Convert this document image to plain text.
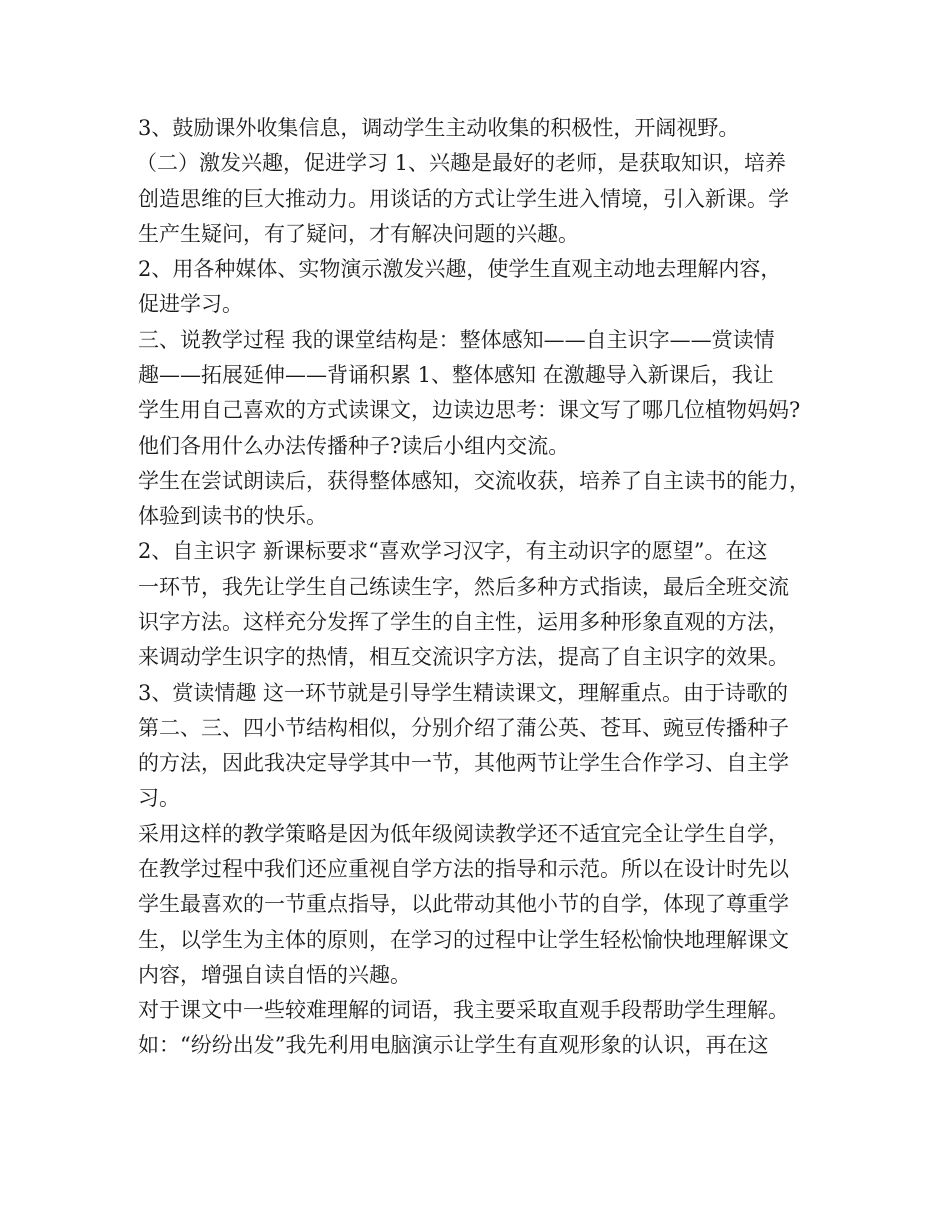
3、鼓励课外收集信息，调动学生主动收集的积极性，开阔视野。
（二）激发兴趣，促进学习 1、兴趣是最好的老师，是获取知识，培养
创造思维的巨大推动力。用谈话的方式让学生进入情境，引入新课。学
生产生疑问，有了疑问，才有解决问题的兴趣。
2、用各种媒体、实物演示激发兴趣，使学生直观主动地去理解内容，
促进学习。
三、说教学过程 我的课堂结构是：整体感知——自主识字——赏读情
趣——拓展延伸——背诵积累 1、整体感知 在激趣导入新课后，我让
学生用自己喜欢的方式读课文，边读边思考：课文写了哪几位植物妈妈?
他们各用什么办法传播种子?读后小组内交流。
学生在尝试朗读后，获得整体感知，交流收获，培养了自主读书的能力，
体验到读书的快乐。
2、自主识字 新课标要求“喜欢学习汉字，有主动识字的愿望”。在这
一环节，我先让学生自己练读生字，然后多种方式指读，最后全班交流
识字方法。这样充分发挥了学生的自主性，运用多种形象直观的方法，
来调动学生识字的热情，相互交流识字方法，提高了自主识字的效果。
3、赏读情趣 这一环节就是引导学生精读课文，理解重点。由于诗歌的
第二、三、四小节结构相似，分别介绍了蒲公英、苍耳、豌豆传播种子
的方法，因此我决定导学其中一节，其他两节让学生合作学习、自主学
习。
采用这样的教学策略是因为低年级阅读教学还不适宜完全让学生自学，
在教学过程中我们还应重视自学方法的指导和示范。所以在设计时先以
学生最喜欢的一节重点指导，以此带动其他小节的自学，体现了尊重学
生，以学生为主体的原则，在学习的过程中让学生轻松愉快地理解课文
内容，增强自读自悟的兴趣。
对于课文中一些较难理解的词语，我主要采取直观手段帮助学生理解。
如：“纷纷出发”我先利用电脑演示让学生有直观形象的认识，再在这
